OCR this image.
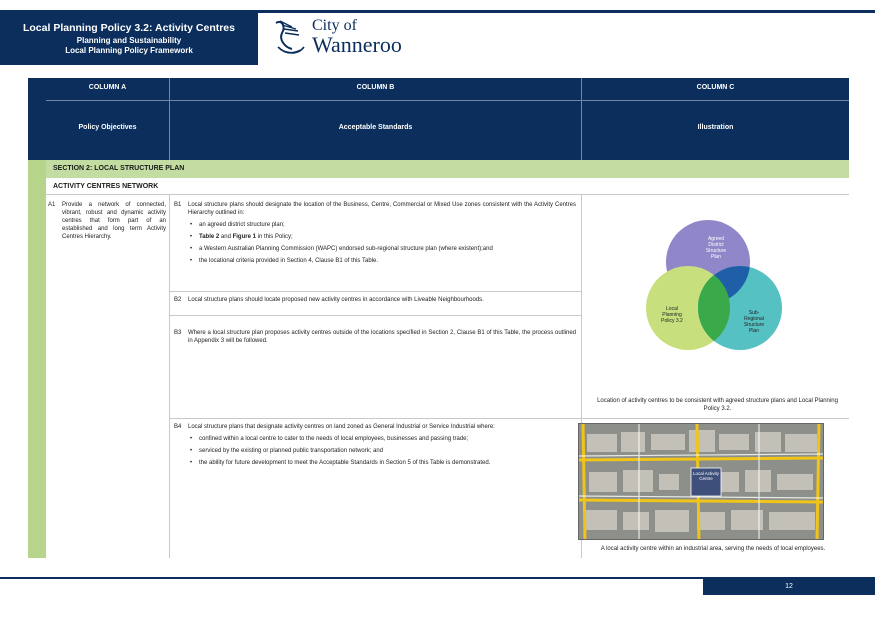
Local Planning Policy 3.2: Activity Centres
Planning and Sustainability
Local Planning Policy Framework
City of
Wanneroo
COLUMN A
Policy Objectives
COLUMN B
Acceptable Standards
COLUMN C
Illustration
SECTION 2: LOCAL STRUCTURE PLAN
ACTIVITY CENTRES NETWORK
A1 Provide a network of connected, vibrant, robust and dynamic activity centres that form part of an established and long term Activity Centres Hierarchy.
B1 Local structure plans should designate the location of the Business, Centre, Commercial or Mixed Use zones consistent with the Activity Centres Hierarchy outlined in:
• an agreed district structure plan;
• Table 2 and Figure 1 in this Policy;
• a Western Australian Planning Commission (WAPC) endorsed sub-regional structure plan (where existent);and
• the locational criteria provided in Section 4, Clause B1 of this Table.
B2 Local structure plans should locate proposed new activity centres in accordance with Liveable Neighbourhoods.
B3 Where a local structure plan proposes activity centres outside of the locations specified in Section 2, Clause B1 of this Table, the process outlined in Appendix 3 will be followed.
B4 Local structure plans that designate activity centres on land zoned as General Industrial or Service Industrial where:
• confined within a local centre to cater to the needs of local employees, businesses and passing trade;
• serviced by the existing or planned public transportation network; and
• the ability for future development to meet the Acceptable Standards in Section 5 of this Table is demonstrated.
Agreed District Structure Plan
Local Planning Policy 3.2
Sub-Regional Structure Plan
Location of activity centres to be consistent with agreed structure plans and Local Planning Policy 3.2.
Local Activity Centre
A local activity centre within an industrial area, serving the needs of local employees.
12
